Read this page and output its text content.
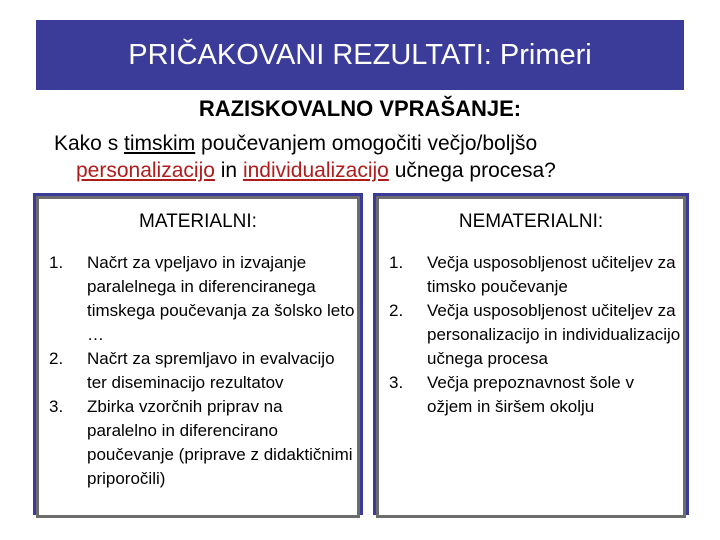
PRIČAKOVANI REZULTATI: Primeri
RAZISKOVALNO VPRAŠANJE:
Kako s timskim poučevanjem omogočiti večjo/boljšo
personalizacijo in individualizacijo učnega procesa?
MATERIALNI:
1. Načrt za vpeljavo in izvajanje paralelnega in diferenciranega timskega poučevanja za šolsko leto …
2. Načrt za spremljavo in evalvacijo ter diseminacijo rezultatov
3. Zbirka vzorčnih priprav na paralelno in diferencirano poučevanje (priprave z didaktičnimi priporočili)
NEMATERIALNI:
1. Večja usposobljenost učiteljev za timsko poučevanje
2. Večja usposobljenost učiteljev za personalizacijo in individualizacijo učnega procesa
3. Večja prepoznavnost šole v ožjem in širšem okolju
